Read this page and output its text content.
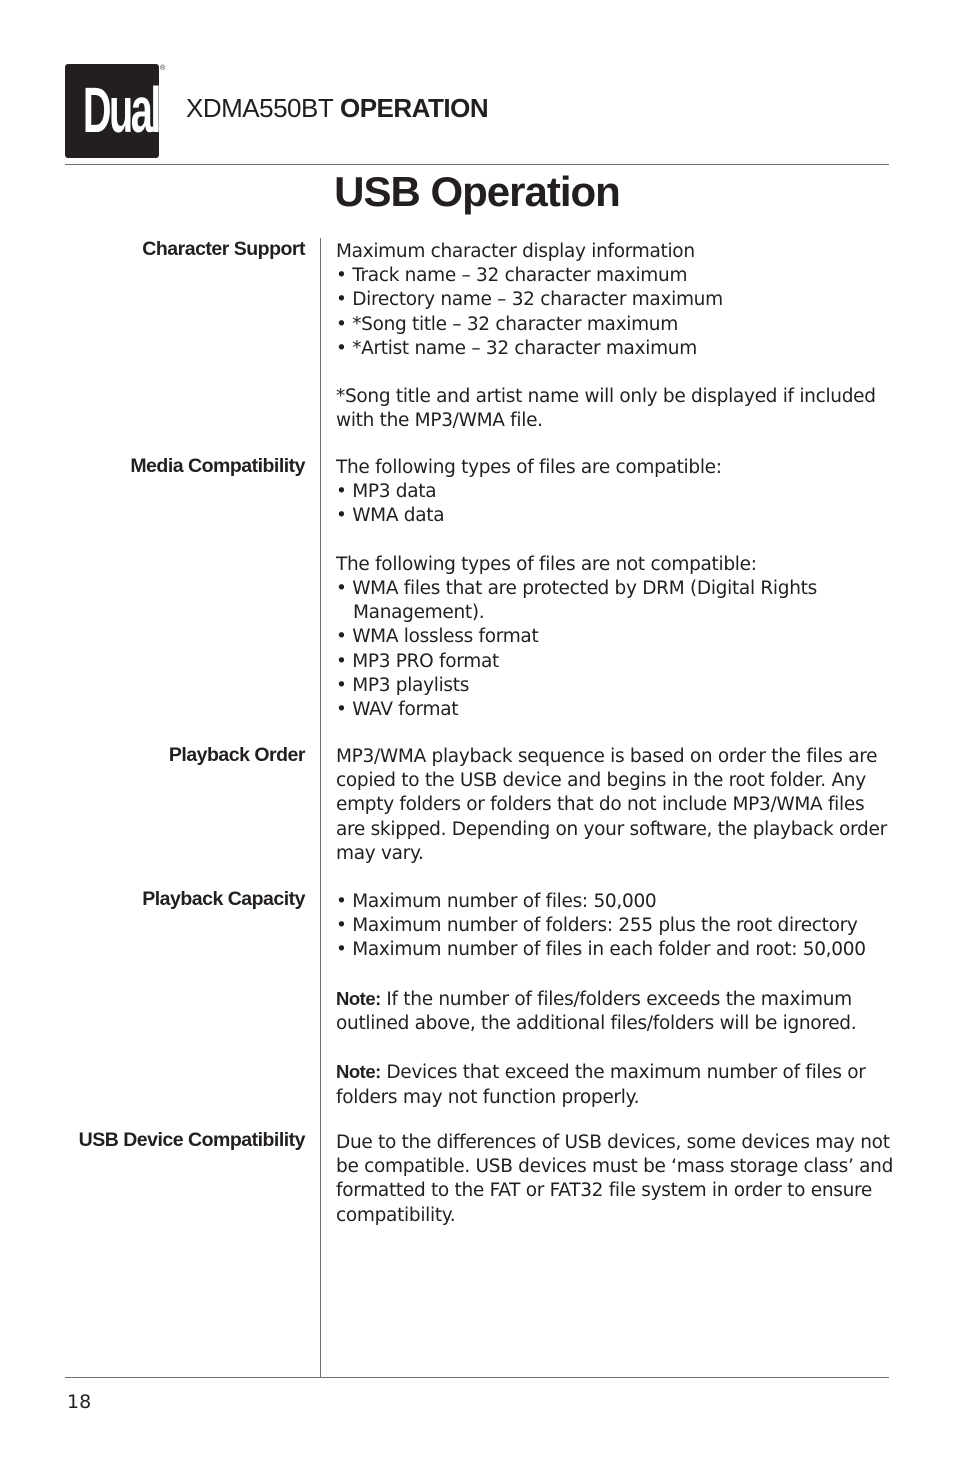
Dual
®
XDMA550BT OPERATION
USB Operation
Character Support Maximum character display information

• Track name – 32 character maximum

• Directory name – 32 character maximum

• *Song title – 32 character maximum

• *Artist name – 32 character maximum

*Song title and artist name will only be displayed if included with the MP3/WMA file.

Media Compatibility The following types of files are compatible:

• MP3 data

• WMA data

The following types of files are not compatible:

• WMA files that are protected by DRM (Digital Rights Management).

• WMA lossless format

• MP3 PRO format

• MP3 playlists

• WAV format

Playback Order MP3/WMA playback sequence is based on order the files are copied to the USB device and begins in the root folder. Any empty folders or folders that do not include MP3/WMA files are skipped. Depending on your software, the playback order may vary.

Playback Capacity • Maximum number of files: 50,000

• Maximum number of folders: 255 plus the root directory

• Maximum number of files in each folder and root: 50,000

Note: If the number of files/folders exceeds the maximum outlined above, the additional files/folders will be ignored.

Note: Devices that exceed the maximum number of files or folders may not function properly.

USB Device Compatibility Due to the differences of USB devices, some devices may not be compatible. USB devices must be ‘mass storage class’ and formatted to the FAT or FAT32 file system in order to ensure compatibility.

18
